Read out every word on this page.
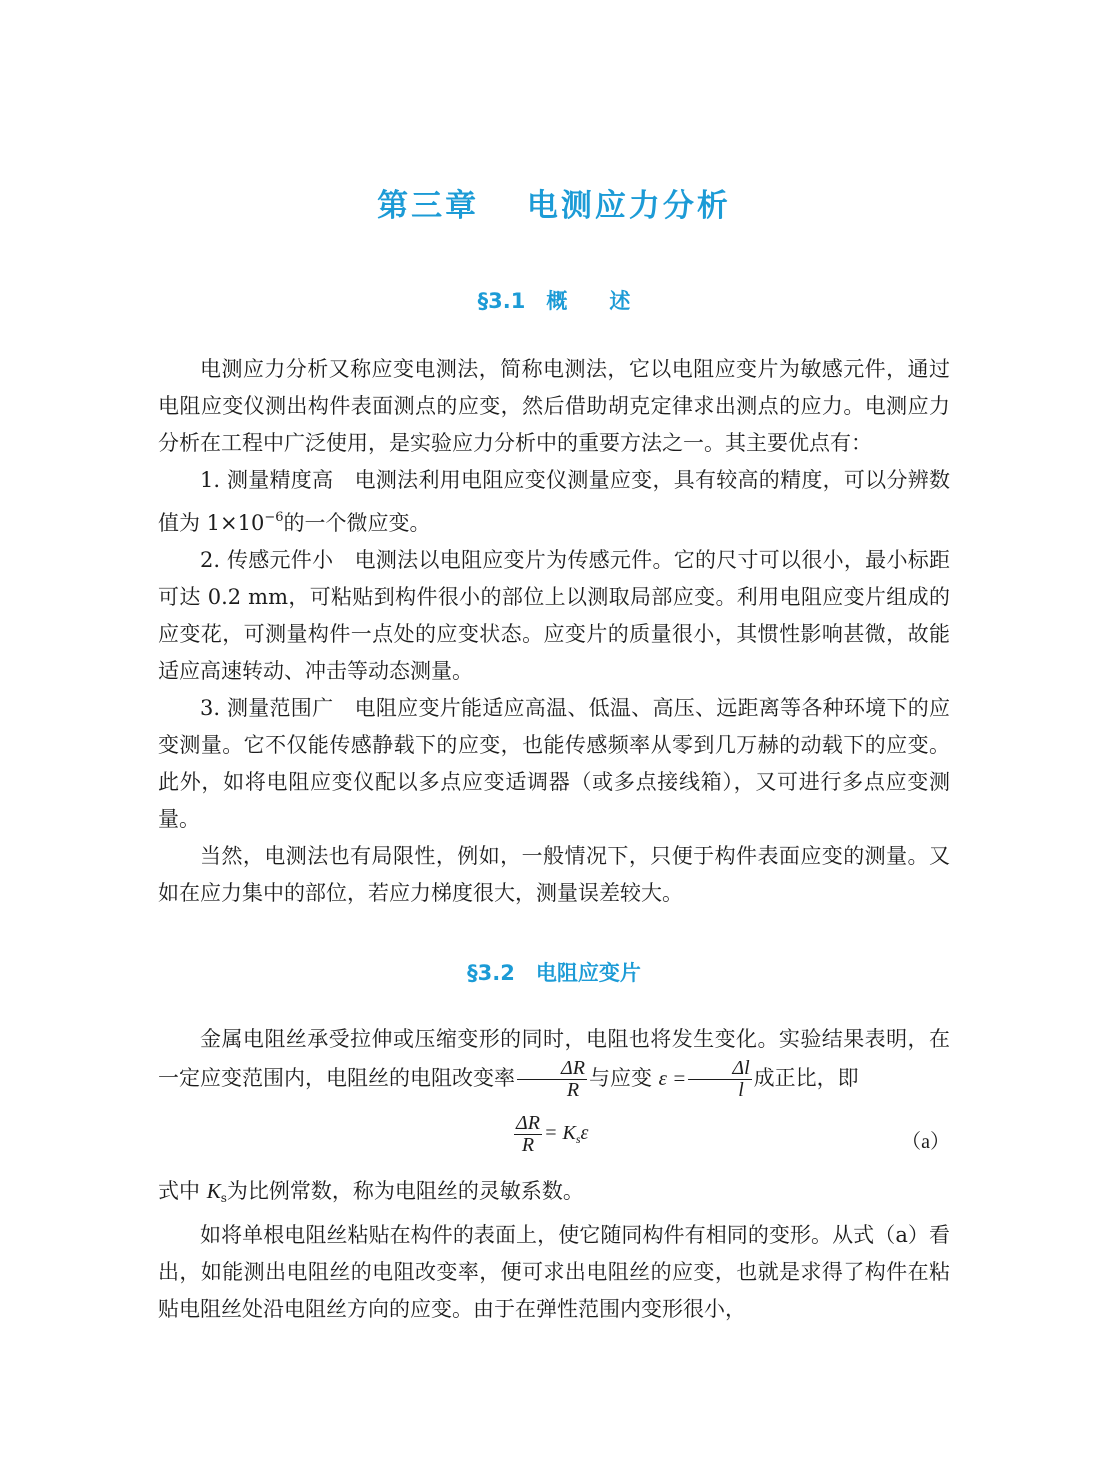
第三章　 电测应力分析
§3.1　概　　述

电测应力分析又称应变电测法，简称电测法，它以电阻应变片为敏感元件，通过电阻应变仪测出构件表面测点的应变，然后借助胡克定律求出测点的应力。电测应力分析在工程中广泛使用，是实验应力分析中的重要方法之一。其主要优点有：

1. 测量精度高　电测法利用电阻应变仪测量应变，具有较高的精度，可以分辨数值为 $1\times 10^{-6}$的一个微应变。

2. 传感元件小　电测法以电阻应变片为传感元件。它的尺寸可以很小，最小标距可达 0.2 mm，可粘贴到构件很小的部位上以测取局部应变。利用电阻应变片组成的应变花，可测量构件一点处的应变状态。应变片的质量很小，其惯性影响甚微，故能适应高速转动、冲击等动态测量。

3. 测量范围广　电阻应变片能适应高温、低温、高压、远距离等各种环境下的应变测量。它不仅能传感静载下的应变，也能传感频率从零到几万赫的动载下的应变。此外，如将电阻应变仪配以多点应变适调器（或多点接线箱），又可进行多点应变测量。

当然，电测法也有局限性，例如，一般情况下，只便于构件表面应变的测量。又如在应力集中的部位，若应力梯度很大，测量误差较大。

§3.2　电阻应变片

金属电阻丝承受拉伸或压缩变形的同时，电阻也将发生变化。实验结果表明，在一定应变范围内，电阻丝的电阻改变率 $\frac{\Delta R}{R}$ 与应变 $\varepsilon = \frac{\Delta l}{l}$ 成正比，即

$\frac{\Delta R}{R} = K_s\varepsilon$	（a）

式中 $K_s$为比例常数，称为电阻丝的灵敏系数。

如将单根电阻丝粘贴在构件的表面上，使它随同构件有相同的变形。从式（a）看出，如能测出电阻丝的电阻改变率，便可求出电阻丝的应变，也就是求得了构件在粘贴电阻丝处沿电阻丝方向的应变。由于在弹性范围内变形很小，
